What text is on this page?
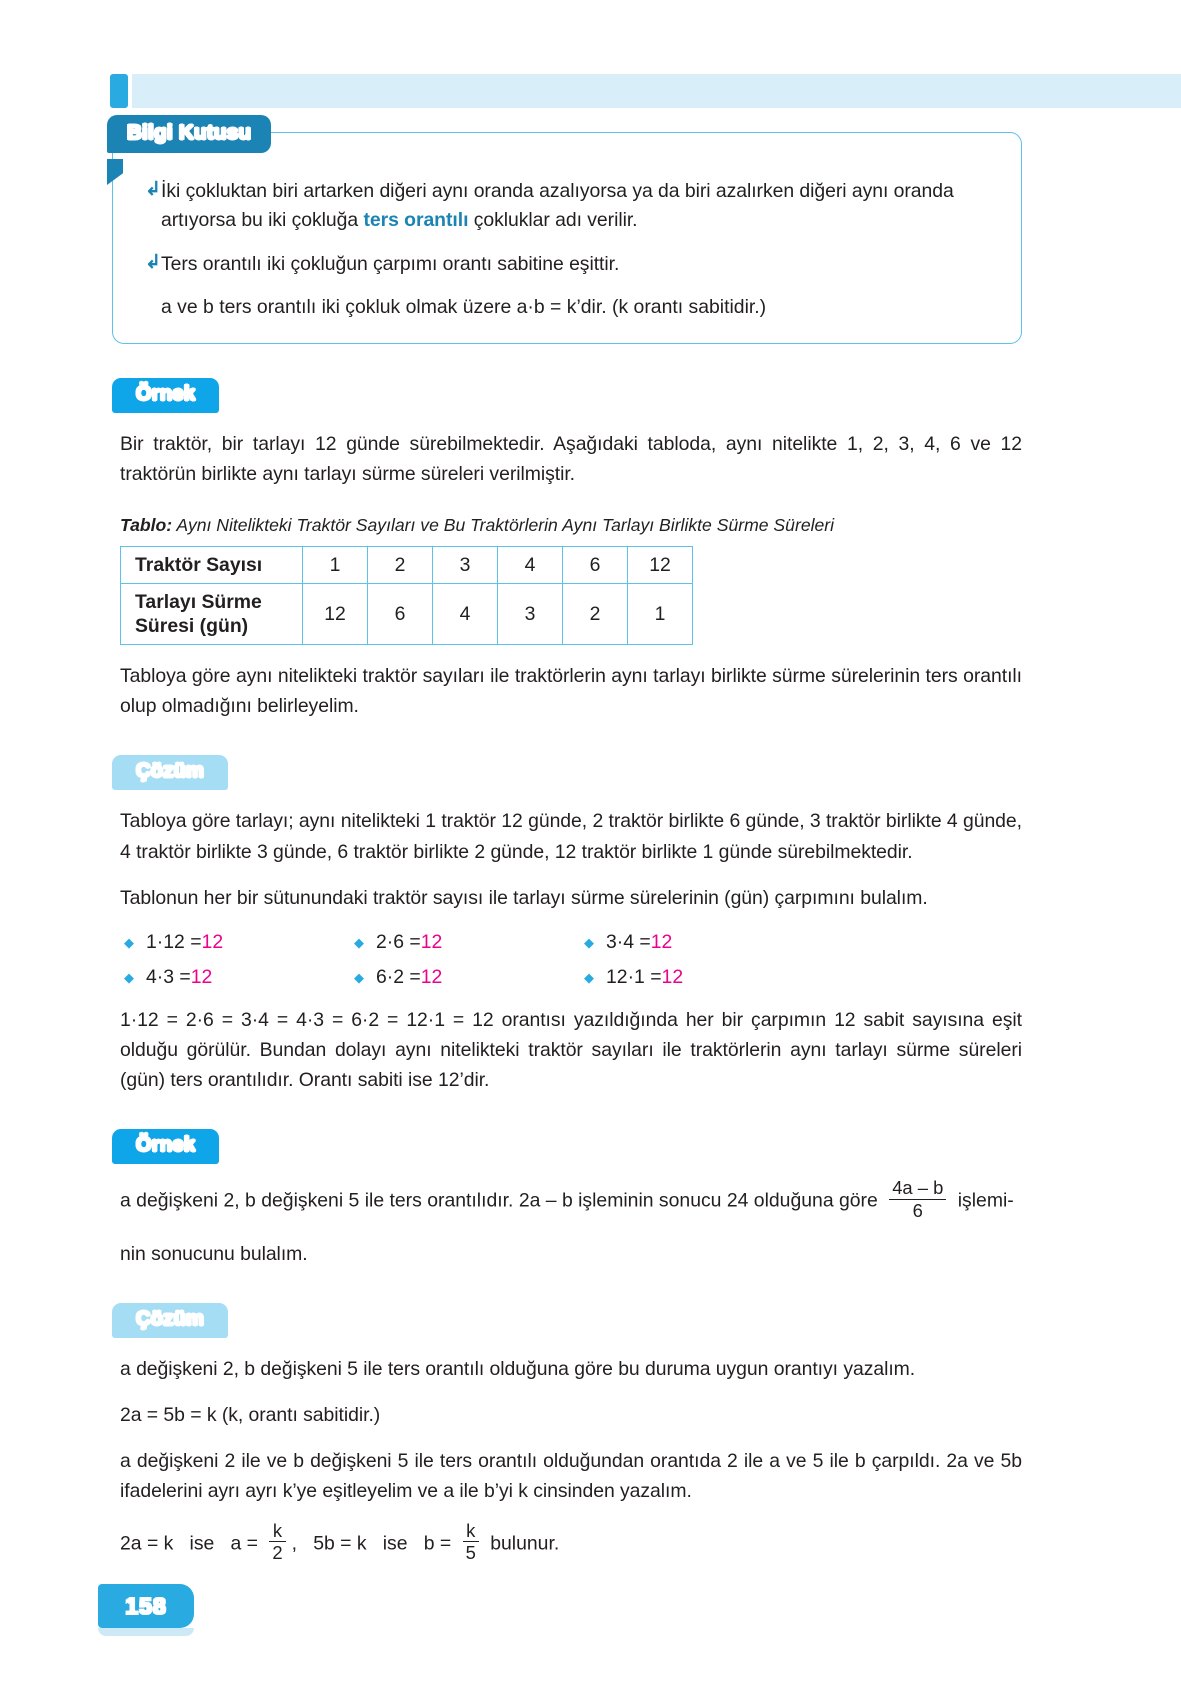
Bilgi Kutusu
↳ İki çokluktan biri artarken diğeri aynı oranda azalıyorsa ya da biri azalırken diğeri aynı oranda artıyorsa bu iki çokluğa ters orantılı çokluklar adı verilir.
↳ Ters orantılı iki çokluğun çarpımı orantı sabitine eşittir.
a ve b ters orantılı iki çokluk olmak üzere a·b = k’dir. (k orantı sabitidir.)
Örnek
Bir traktör, bir tarlayı 12 günde sürebilmektedir. Aşağıdaki tabloda, aynı nitelikte 1, 2, 3, 4, 6 ve 12 traktörün birlikte aynı tarlayı sürme süreleri verilmiştir.
Tablo: Aynı Nitelikteki Traktör Sayıları ve Bu Traktörlerin Aynı Tarlayı Birlikte Sürme Süreleri
Traktör Sayısı	1	2	3	4	6	12
Tarlayı Sürme Süresi (gün)	12	6	4	3	2	1
Tabloya göre aynı nitelikteki traktör sayıları ile traktörlerin aynı tarlayı birlikte sürme sürelerinin ters orantılı olup olmadığını belirleyelim.
Çözüm
Tabloya göre tarlayı; aynı nitelikteki 1 traktör 12 günde, 2 traktör birlikte 6 günde, 3 traktör birlikte 4 günde, 4 traktör birlikte 3 günde, 6 traktör birlikte 2 günde, 12 traktör birlikte 1 günde sürebilmektedir.
Tablonun her bir sütunundaki traktör sayısı ile tarlayı sürme sürelerinin (gün) çarpımını bulalım.
◆ 1·12 = 12	◆ 2·6 = 12	◆ 3·4 = 12
◆ 4·3 = 12	◆ 6·2 = 12	◆ 12·1 = 12
1·12 = 2·6 = 3·4 = 4·3 = 6·2 = 12·1 = 12 orantısı yazıldığında her bir çarpımın 12 sabit sayısına eşit olduğu görülür. Bundan dolayı aynı nitelikteki traktör sayıları ile traktörlerin aynı tarlayı sürme süreleri (gün) ters orantılıdır. Orantı sabiti ise 12’dir.
Örnek
a değişkeni 2, b değişkeni 5 ile ters orantılıdır. 2a – b işleminin sonucu 24 olduğuna göre $\frac{4a - b}{6}$ işlemi-
nin sonucunu bulalım.
Çözüm
a değişkeni 2, b değişkeni 5 ile ters orantılı olduğuna göre bu duruma uygun orantıyı yazalım.
2a = 5b = k (k, orantı sabitidir.)
a değişkeni 2 ile ve b değişkeni 5 ile ters orantılı olduğundan orantıda 2 ile a ve 5 ile b çarpıldı. 2a ve 5b ifadelerini ayrı ayrı k’ye eşitleyelim ve a ile b’yi k cinsinden yazalım.
2a = k ise $a = \frac{k}{2}$ , 5b = k ise $b = \frac{k}{5}$ bulunur.
158
